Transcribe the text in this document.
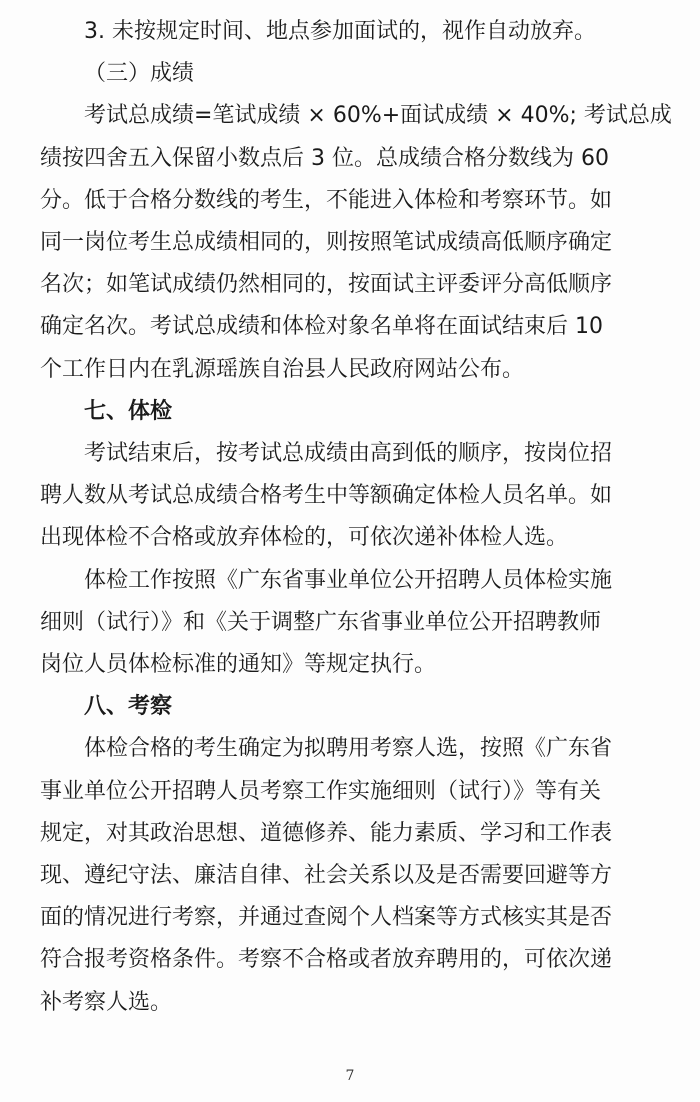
3. 未按规定时间、地点参加面试的，视作自动放弃。
（三）成绩
考试总成绩=笔试成绩 × 60%+面试成绩 × 40%; 考试总成
绩按四舍五入保留小数点后 3 位。总成绩合格分数线为 60
分。低于合格分数线的考生，不能进入体检和考察环节。如
同一岗位考生总成绩相同的，则按照笔试成绩高低顺序确定
名次；如笔试成绩仍然相同的，按面试主评委评分高低顺序
确定名次。考试总成绩和体检对象名单将在面试结束后 10
个工作日内在乳源瑶族自治县人民政府网站公布。
七、体检
考试结束后，按考试总成绩由高到低的顺序，按岗位招
聘人数从考试总成绩合格考生中等额确定体检人员名单。如
出现体检不合格或放弃体检的，可依次递补体检人选。
体检工作按照《广东省事业单位公开招聘人员体检实施
细则（试行）》和《关于调整广东省事业单位公开招聘教师
岗位人员体检标准的通知》等规定执行。
八、考察
体检合格的考生确定为拟聘用考察人选，按照《广东省
事业单位公开招聘人员考察工作实施细则（试行）》等有关
规定，对其政治思想、道德修养、能力素质、学习和工作表
现、遵纪守法、廉洁自律、社会关系以及是否需要回避等方
面的情况进行考察，并通过查阅个人档案等方式核实其是否
符合报考资格条件。考察不合格或者放弃聘用的，可依次递
补考察人选。
7
